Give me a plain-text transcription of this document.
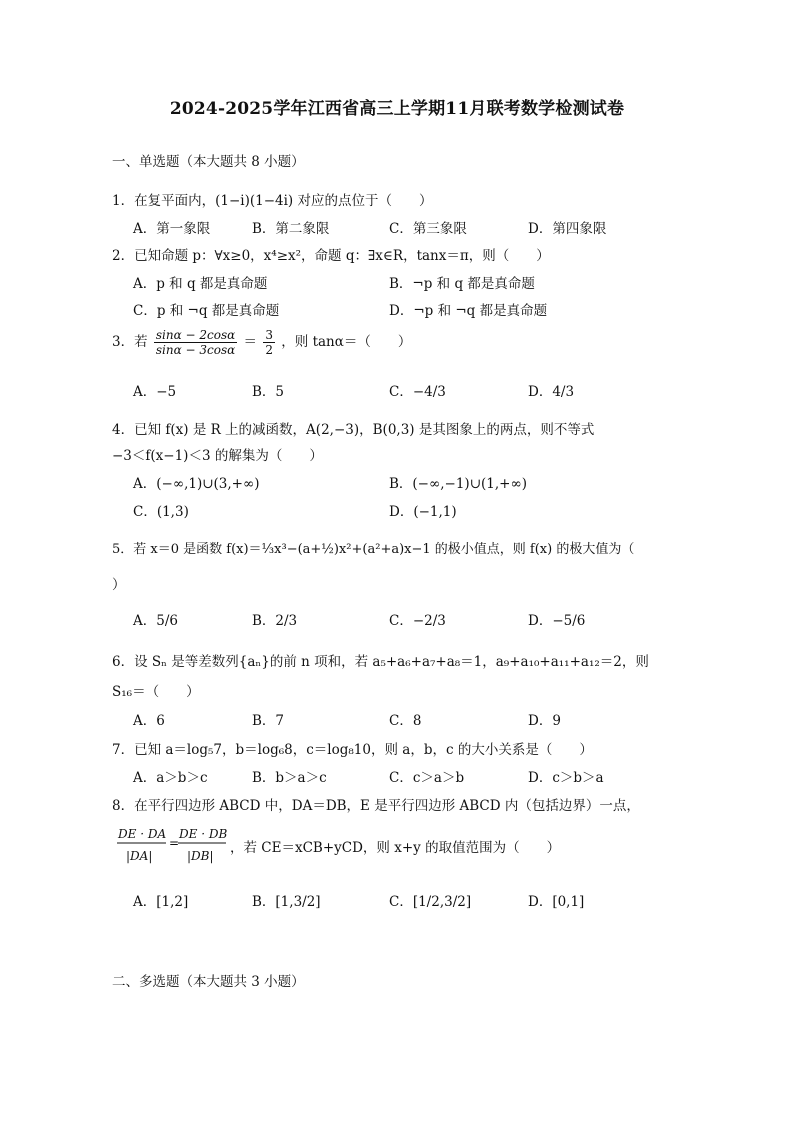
2024-2025学年江西省高三上学期11月联考数学检测试卷
一、单选题（本大题共 8 小题）
1．在复平面内，(1−i)(1−4i) 对应的点位于（　　）
A．第一象限	B．第二象限	C．第三象限	D．第四象限
2．已知命题 p：∀x≥0，x⁴≥x²，命题 q：∃x∈R，tanx＝π，则（　　）
A．p 和 q 都是真命题	B．¬p 和 q 都是真命题
C．p 和 ¬q 都是真命题	D．¬p 和 ¬q 都是真命题
3．若 $\frac{\sin\alpha - 2\cos\alpha}{\sin\alpha - 3\cos\alpha} = \frac{3}{2}$ ，则 tanα＝（　　）
A．−5	B．5	C．−4/3	D．4/3
4．已知 f(x) 是 R 上的减函数，A(2,−3)，B(0,3) 是其图象上的两点，则不等式
−3＜f(x−1)＜3 的解集为（　　）
A．(−∞,1)∪(3,+∞)	B．(−∞,−1)∪(1,+∞)
C．(1,3)	D．(−1,1)
5．若 x＝0 是函数 f(x)＝⅓x³−(a+½)x²+(a²+a)x−1 的极小值点，则 f(x) 的极大值为（
）
A．5/6	B．2/3	C．−2/3	D．−5/6
6．设 Sₙ 是等差数列{aₙ}的前 n 项和，若 a₅+a₆+a₇+a₈＝1，a₉+a₁₀+a₁₁+a₁₂＝2，则
S₁₆＝（　　）
A．6	B．7	C．8	D．9
7．已知 a＝log₅7，b＝log₆8，c＝log₈10，则 a，b，c 的大小关系是（　　）
A．a＞b＞c	B．b＞a＞c	C．c＞a＞b	D．c＞b＞a
8．在平行四边形 ABCD 中，DA＝DB，E 是平行四边形 ABCD 内（包括边界）一点，
DE · DA
|DA|
=
DE · DB
|DB| ，若 CE＝xCB+yCD，则 x+y 的取值范围为（　　）
A．[1,2]	B．[1,3/2]	C．[1/2,3/2]	D．[0,1]
二、多选题（本大题共 3 小题）
